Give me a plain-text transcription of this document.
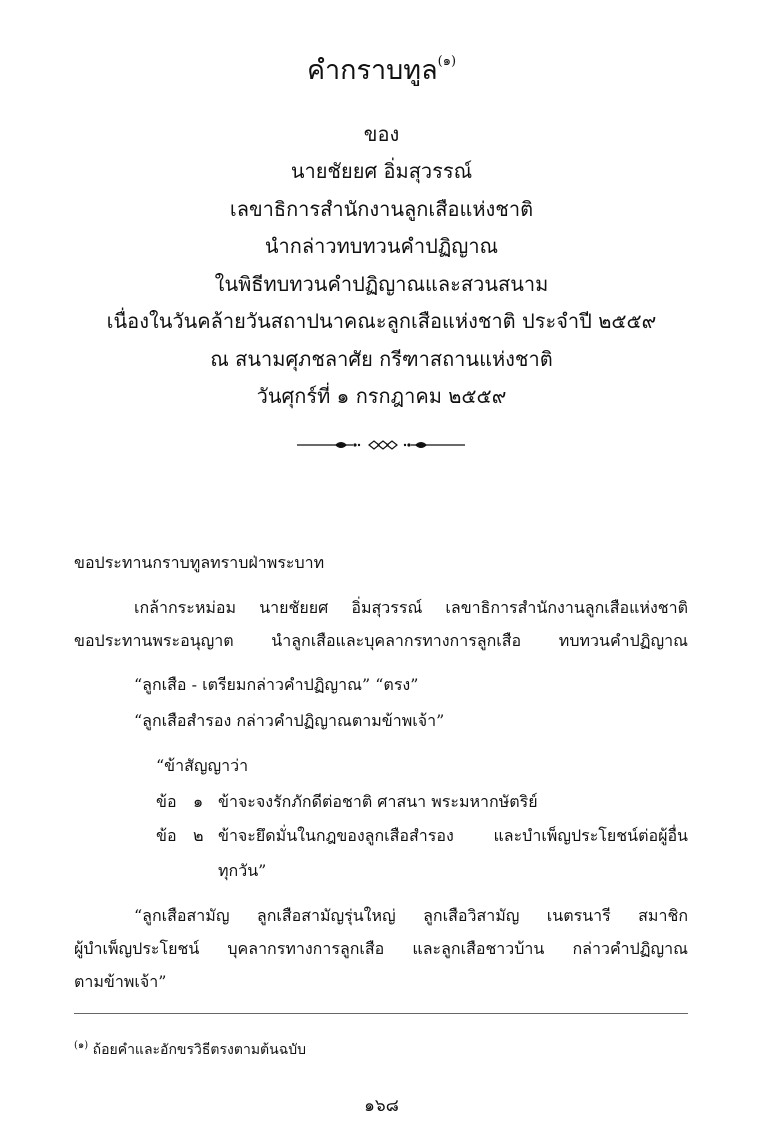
คำกราบทูล$^{(๑)}$
ของ
นายชัยยศ อิ่มสุวรรณ์
เลขาธิการสำนักงานลูกเสือแห่งชาติ
นำกล่าวทบทวนคำปฏิญาณ
ในพิธีทบทวนคำปฏิญาณและสวนสนาม
เนื่องในวันคล้ายวันสถาปนาคณะลูกเสือแห่งชาติ ประจำปี ๒๕๕๙
ณ สนามศุภชลาศัย กรีฑาสถานแห่งชาติ
วันศุกร์ที่ ๑ กรกฎาคม ๒๕๕๙
ขอประทานกราบทูลทราบฝ่าพระบาท
เกล้ากระหม่อม นายชัยยศ อิ่มสุวรรณ์ เลขาธิการสำนักงานลูกเสือแห่งชาติ
ขอประทานพระอนุญาต นำลูกเสือและบุคลากรทางการลูกเสือ ทบทวนคำปฏิญาณ
“ลูกเสือ - เตรียมกล่าวคำปฏิญาณ” “ตรง”
“ลูกเสือสำรอง กล่าวคำปฏิญาณตามข้าพเจ้า”
“ข้าสัญญาว่า
ข้อ ๑ ข้าจะจงรักภักดีต่อชาติ ศาสนา พระมหากษัตริย์
ข้อ ๒ ข้าจะยึดมั่นในกฎของลูกเสือสำรอง และบำเพ็ญประโยชน์ต่อผู้อื่น
ทุกวัน”
“ลูกเสือสามัญ ลูกเสือสามัญรุ่นใหญ่ ลูกเสือวิสามัญ เนตรนารี สมาชิก
ผู้บำเพ็ญประโยชน์ บุคลากรทางการลูกเสือ และลูกเสือชาวบ้าน กล่าวคำปฏิญาณ
ตามข้าพเจ้า”
$^{(๑)}$ ถ้อยคำและอักขรวิธีตรงตามต้นฉบับ
๑๖๘
